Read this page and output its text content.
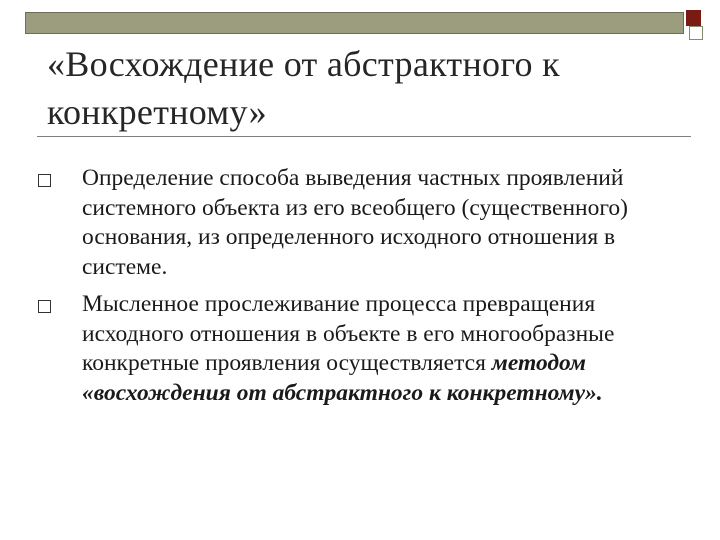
«Восхождение от абстрактного к конкретному»
Определение способа выведения частных проявлений системного объекта из его всеобщего (существенного) основания, из определенного исходного отношения в системе.
Мысленное прослеживание процесса превращения исходного отношения в объекте в его многообразные конкретные проявления осуществляется методом «восхождения от абстрактного к конкретному».
